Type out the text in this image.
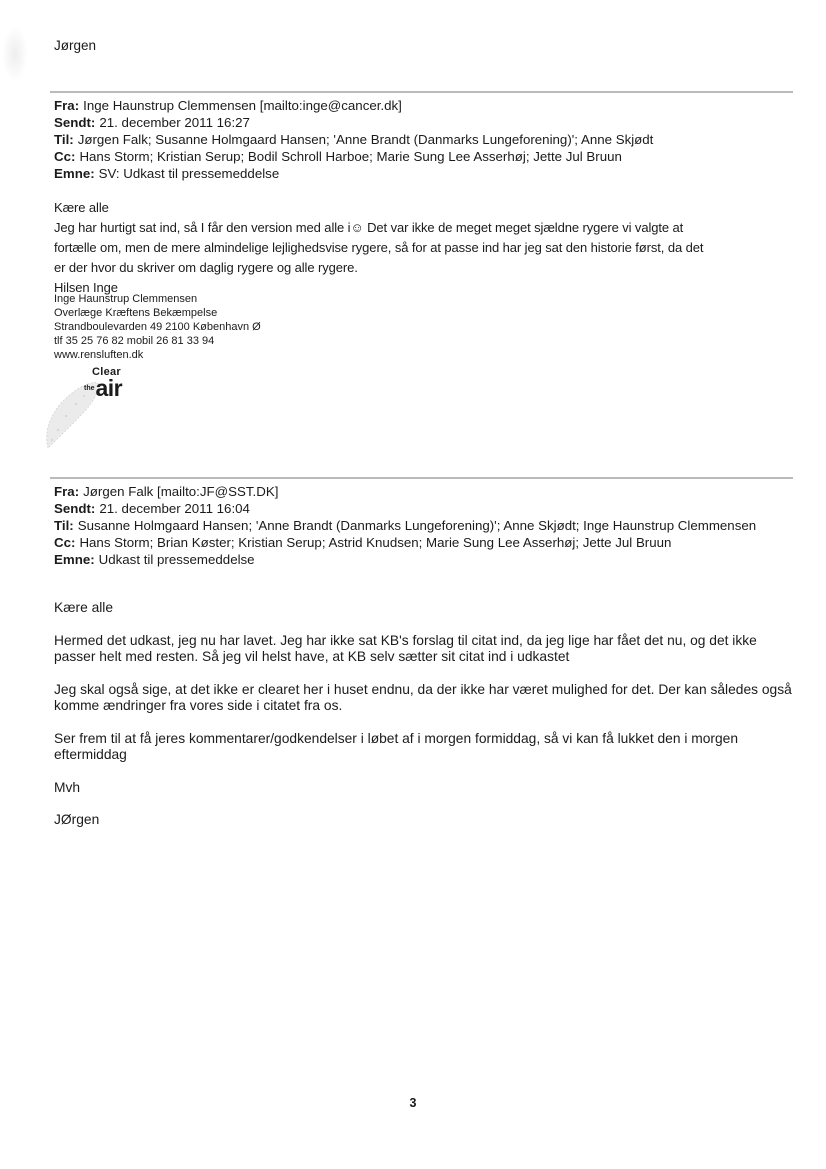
Jørgen
Fra: Inge Haunstrup Clemmensen [mailto:inge@cancer.dk]
Sendt: 21. december 2011 16:27
Til: Jørgen Falk; Susanne Holmgaard Hansen; 'Anne Brandt (Danmarks Lungeforening)'; Anne Skjødt
Cc: Hans Storm; Kristian Serup; Bodil Schroll Harboe; Marie Sung Lee Asserhøj; Jette Jul Bruun
Emne: SV: Udkast til pressemeddelse
Kære alle
Jeg har hurtigt sat ind, så I får den version med alle i☺ Det var ikke de meget meget sjældne rygere vi valgte at
fortælle om, men de mere almindelige lejlighedsvise rygere, så for at passe ind har jeg sat den historie først, da det
er der hvor du skriver om daglig rygere og alle rygere.
Hilsen Inge
Inge Haunstrup Clemmensen
Overlæge Kræftens Bekæmpelse
Strandboulevarden 49 2100 København Ø
tlf 35 25 76 82 mobil 26 81 33 94
www.rensluften.dk
Clear
$^{the}$air
Fra: Jørgen Falk [mailto:JF@SST.DK]
Sendt: 21. december 2011 16:04
Til: Susanne Holmgaard Hansen; 'Anne Brandt (Danmarks Lungeforening)'; Anne Skjødt; Inge Haunstrup Clemmensen
Cc: Hans Storm; Brian Køster; Kristian Serup; Astrid Knudsen; Marie Sung Lee Asserhøj; Jette Jul Bruun
Emne: Udkast til pressemeddelse

Kære alle

Hermed det udkast, jeg nu har lavet. Jeg har ikke sat KB's forslag til citat ind, da jeg lige har fået det nu, og det ikke passer helt med resten. Så jeg vil helst have, at KB selv sætter sit citat ind i udkastet

Jeg skal også sige, at det ikke er clearet her i huset endnu, da der ikke har været mulighed for det. Der kan således også komme ændringer fra vores side i citatet fra os.

Ser frem til at få jeres kommentarer/godkendelser i løbet af i morgen formiddag, så vi kan få lukket den i morgen eftermiddag

Mvh

JØrgen

3
